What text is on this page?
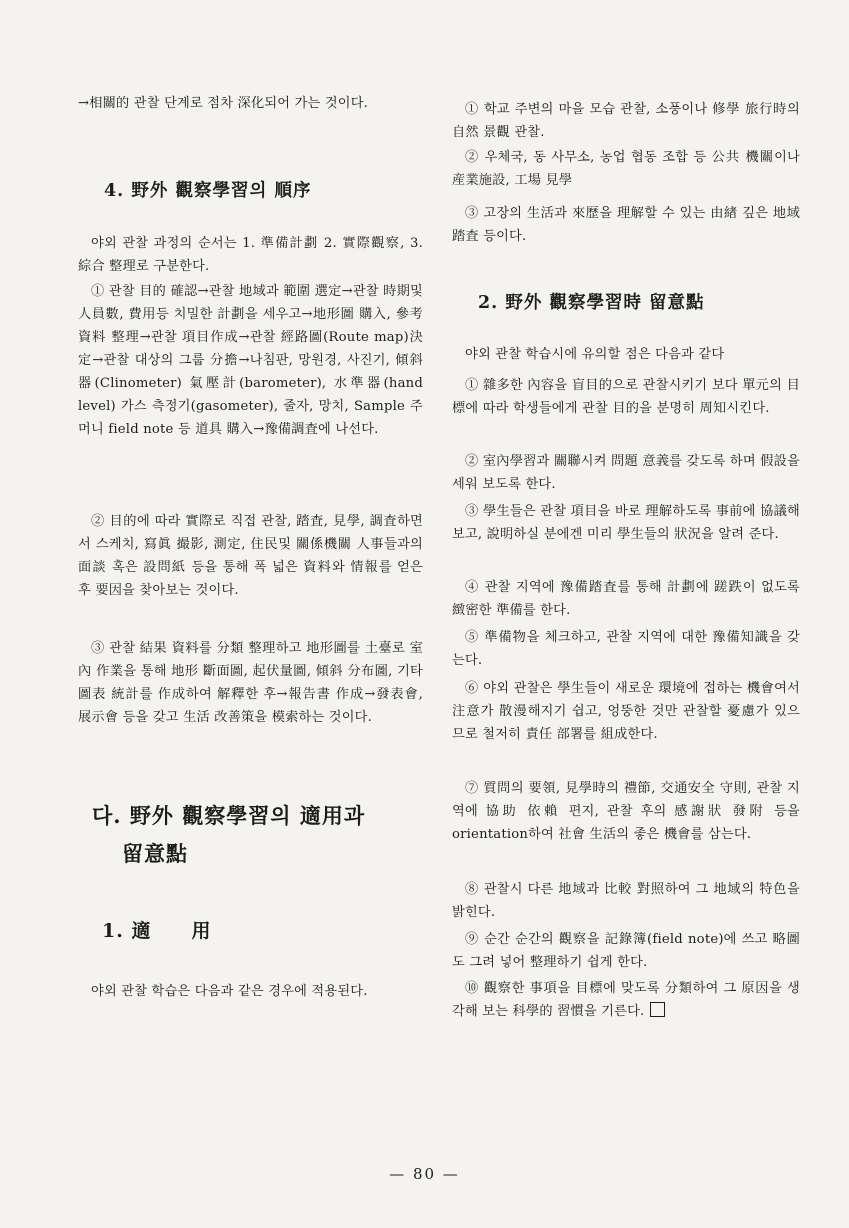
→相關的 관찰 단계로 점차 深化되어 가는 것이다.

4. 野外 觀察學習의 順序

야외 관찰 과정의 순서는 1. 準備計劃 2. 實際觀察, 3. 綜合 整理로 구분한다.

① 관찰 目的 確認→관찰 地域과 範圍 選定→관찰 時期및 人員數, 費用등 치밀한 計劃을 세우고→地形圖 購入, 參考 資料 整理→관찰 項目作成→관찰 經路圖(Route map)決定→관찰 대상의 그룹 分擔→나침판, 망원경, 사진기, 傾斜器(Clinometer) 氣壓計(barometer), 水準器(hand level) 가스 측정기(gasometer), 줄자, 망치, Sample 주머니 field note 등 道具 購入→豫備調査에 나선다.

② 目的에 따라 實際로 직접 관찰, 踏査, 見學, 調査하면서 스케치, 寫眞 撮影, 測定, 住民및 關係機關 人事들과의 面談 혹은 設問紙 등을 통해 폭 넓은 資料와 情報를 얻은 후 要因을 찾아보는 것이다.

③ 관찰 結果 資料를 分類 整理하고 地形圖를 土臺로 室內 作業을 통해 地形 斷面圖, 起伏量圖, 傾斜 分布圖, 기타 圖表 統計를 作成하여 解釋한 후→報告書 作成→發表會, 展示會 등을 갖고 生活 改善策을 模索하는 것이다.

다. 野外 觀察學習의 適用과
留意點
1. 適　　用

야외 관찰 학습은 다음과 같은 경우에 적용된다.

① 학교 주변의 마을 모습 관찰, 소풍이나 修學 旅行時의 自然 景觀 관찰.

② 우체국, 동 사무소, 농업 협동 조합 등 公共 機關이나 産業施設, 工場 見學

③ 고장의 生活과 來歷을 理解할 수 있는 由緖 깊은 地域 踏査 등이다.

2. 野外 觀察學習時 留意點

야외 관찰 학습시에 유의할 점은 다음과 같다

① 雜多한 內容을 盲目的으로 관찰시키기 보다 單元의 目標에 따라 학생들에게 관찰 目的을 분명히 周知시킨다.

② 室內學習과 關聯시켜 問題 意義를 갖도록 하며 假設을 세워 보도록 한다.

③ 學生들은 관찰 項目을 바로 理解하도록 事前에 協議해 보고, 說明하실 분에겐 미리 學生들의 狀況을 알려 준다.

④ 관찰 지역에 豫備踏査를 통해 計劃에 蹉跌이 없도록 緻密한 準備를 한다.

⑤ 準備物을 체크하고, 관찰 지역에 대한 豫備知識을 갖는다.

⑥ 야외 관찰은 學生들이 새로운 環境에 접하는 機會여서 注意가 散漫해지기 쉽고, 엉뚱한 것만 관찰할 憂慮가 있으므로 철저히 責任 部署를 組成한다.

⑦ 質問의 要領, 見學時의 禮節, 交通安全 守則, 관찰 지역에 協助 依賴 편지, 관찰 후의 感謝狀 發附 등을 orientation하여 社會 生活의 좋은 機會를 삼는다.

⑧ 관찰시 다른 地域과 比較 對照하여 그 地域의 特色을 밝힌다.

⑨ 순간 순간의 觀察을 記錄簿(field note)에 쓰고 略圖도 그려 넣어 整理하기 쉽게 한다.

⑩ 觀察한 事項을 目標에 맞도록 分類하여 그 原因을 생각해 보는 科學的 習慣을 기른다.

— 80 —
